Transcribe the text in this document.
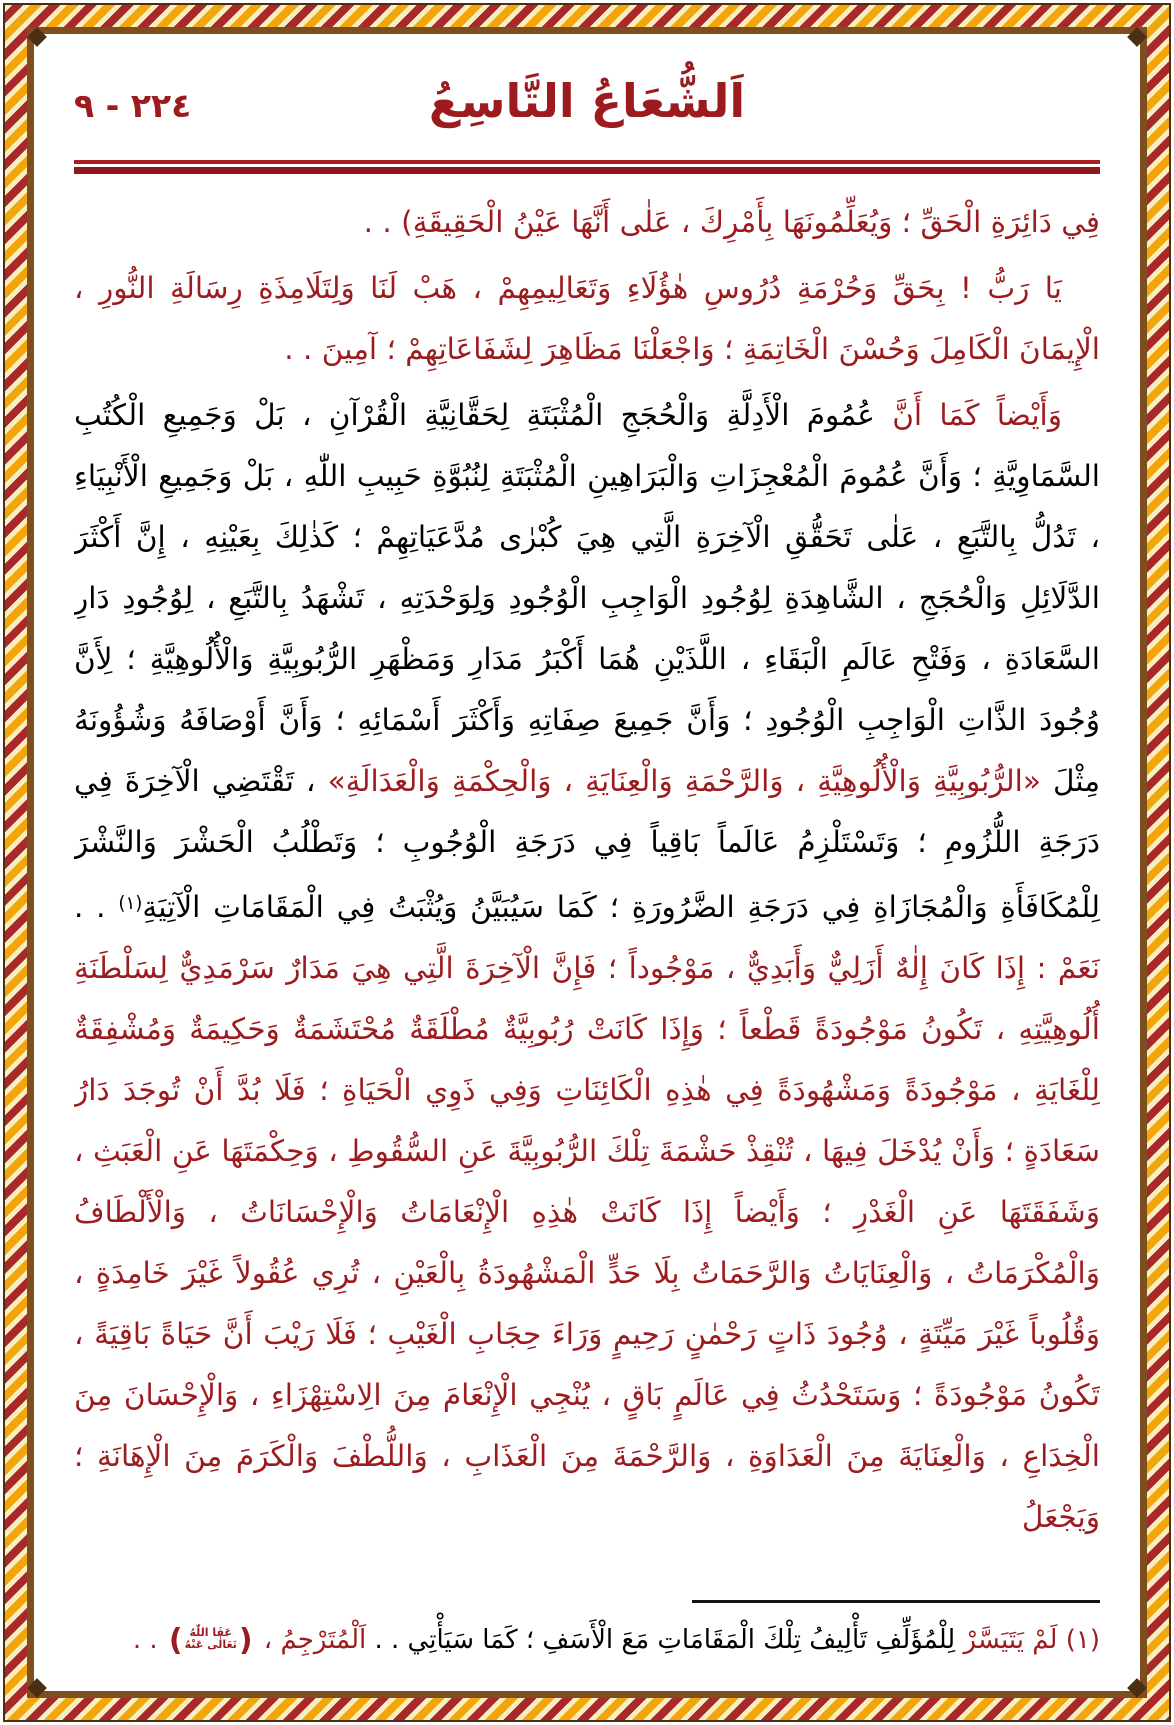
٢٢٤ - ٩	اَلشُّعَاعُ التَّاسِعُ

فِي دَائِرَةِ الْحَقِّ ؛ وَيُعَلِّمُونَهَا بِأَمْرِكَ ، عَلٰى أَنَّهَا عَيْنُ الْحَقِيقَةِ) . .

يَا رَبُّ ! بِحَقِّ وَحُرْمَةِ دُرُوسِ هٰؤُلَاءِ وَتَعَالِيمِهِمْ ، هَبْ لَنَا وَلِتَلَامِذَةِ رِسَالَةِ النُّورِ ، الْإِيمَانَ الْكَامِلَ وَحُسْنَ الْخَاتِمَةِ ؛ وَاجْعَلْنَا مَظَاهِرَ لِشَفَاعَاتِهِمْ ؛ آمِينَ . .

وَأَيْضاً كَمَا أَنَّ عُمُومَ الْأَدِلَّةِ وَالْحُجَجِ الْمُثْبَتَةِ لِحَقَّانِيَّةِ الْقُرْآنِ ، بَلْ وَجَمِيعِ الْكُتُبِ السَّمَاوِيَّةِ ؛ وَأَنَّ عُمُومَ الْمُعْجِزَاتِ وَالْبَرَاهِينِ الْمُثْبَتَةِ لِنُبُوَّةِ حَبِيبِ اللّٰهِ ، بَلْ وَجَمِيعِ الْأَنْبِيَاءِ ، تَدُلُّ بِالتَّبَعِ ، عَلٰى تَحَقُّقِ الْآخِرَةِ الَّتِي هِيَ كُبْرٰى مُدَّعَيَاتِهِمْ ؛ كَذٰلِكَ بِعَيْنِهِ ، إِنَّ أَكْثَرَ الدَّلَائِلِ وَالْحُجَجِ ، الشَّاهِدَةِ لِوُجُودِ الْوَاجِبِ الْوُجُودِ وَلِوَحْدَتِهِ ، تَشْهَدُ بِالتَّبَعِ ، لِوُجُودِ دَارِ السَّعَادَةِ ، وَفَتْحِ عَالَمِ الْبَقَاءِ ، اللَّذَيْنِ هُمَا أَكْبَرُ مَدَارِ وَمَظْهَرِ الرُّبُوبِيَّةِ وَالْأُلُوهِيَّةِ ؛ لِأَنَّ وُجُودَ الذَّاتِ الْوَاجِبِ الْوُجُودِ ؛ وَأَنَّ جَمِيعَ صِفَاتِهِ وَأَكْثَرَ أَسْمَائِهِ ؛ وَأَنَّ أَوْصَافَهُ وَشُؤُونَهُ مِثْلَ «الرُّبُوبِيَّةِ وَالْأُلُوهِيَّةِ ، وَالرَّحْمَةِ وَالْعِنَايَةِ ، وَالْحِكْمَةِ وَالْعَدَالَةِ» ، تَقْتَضِي الْآخِرَةَ فِي دَرَجَةِ اللُّزُومِ ؛ وَتَسْتَلْزِمُ عَالَماً بَاقِياً فِي دَرَجَةِ الْوُجُوبِ ؛ وَتَطْلُبُ الْحَشْرَ وَالنَّشْرَ لِلْمُكَافَأَةِ وَالْمُجَازَاةِ فِي دَرَجَةِ الضَّرُورَةِ ؛ كَمَا سَيُبَيَّنُ وَيُثْبَتُ فِي الْمَقَامَاتِ الْآتِيَةِ$^{(١)}$ . . نَعَمْ : إِذَا كَانَ إِلٰهٌ أَزَلِيٌّ وَأَبَدِيٌّ ، مَوْجُوداً ؛ فَإِنَّ الْآخِرَةَ الَّتِي هِيَ مَدَارٌ سَرْمَدِيٌّ لِسَلْطَنَةِ أُلُوهِيَّتِهِ ، تَكُونُ مَوْجُودَةً قَطْعاً ؛ وَإِذَا كَانَتْ رُبُوبِيَّةٌ مُطْلَقَةٌ مُحْتَشَمَةٌ وَحَكِيمَةٌ وَمُشْفِقَةٌ لِلْغَايَةِ ، مَوْجُودَةً وَمَشْهُودَةً فِي هٰذِهِ الْكَائِنَاتِ وَفِي ذَوِي الْحَيَاةِ ؛ فَلَا بُدَّ أَنْ تُوجَدَ دَارُ سَعَادَةٍ ؛ وَأَنْ يُدْخَلَ فِيهَا ، تُنْقِذْ حَشْمَةَ تِلْكَ الرُّبُوبِيَّةَ عَنِ السُّقُوطِ ، وَحِكْمَتَهَا عَنِ الْعَبَثِ ، وَشَفَقَتَهَا عَنِ الْغَدْرِ ؛ وَأَيْضاً إِذَا كَانَتْ هٰذِهِ الْإِنْعَامَاتُ وَالْإِحْسَانَاتُ ، وَالْأَلْطَافُ وَالْمُكْرَمَاتُ ، وَالْعِنَايَاتُ وَالرَّحَمَاتُ بِلَا حَدٍّ الْمَشْهُودَةُ بِالْعَيْنِ ، تُرِي عُقُولاً غَيْرَ خَامِدَةٍ ، وَقُلُوباً غَيْرَ مَيِّتَةٍ ، وُجُودَ ذَاتٍ رَحْمٰنٍ رَحِيمٍ وَرَاءَ حِجَابِ الْغَيْبِ ؛ فَلَا رَيْبَ أَنَّ حَيَاةً بَاقِيَةً ، تَكُونُ مَوْجُودَةً ؛ وَسَتَحْدُثُ فِي عَالَمٍ بَاقٍ ، يُنْجِي الْإِنْعَامَ مِنَ الِاسْتِهْزَاءِ ، وَالْإِحْسَانَ مِنَ الْخِدَاعِ ، وَالْعِنَايَةَ مِنَ الْعَدَاوَةِ ، وَالرَّحْمَةَ مِنَ الْعَذَابِ ، وَاللُّطْفَ وَالْكَرَمَ مِنَ الْإِهَانَةِ ؛ وَيَجْعَلُ

(١) لَمْ يَتَيَسَّرْ لِلْمُؤَلِّفِ تَأْلِيفُ تِلْكَ الْمَقَامَاتِ مَعَ الْأَسَفِ ؛ كَمَا سَيَأْتِي . . اَلْمُتَرْجِمُ ،
(
عَفَا اللّٰهُ
تَعَالٰى عَنْهُ
)
. .
